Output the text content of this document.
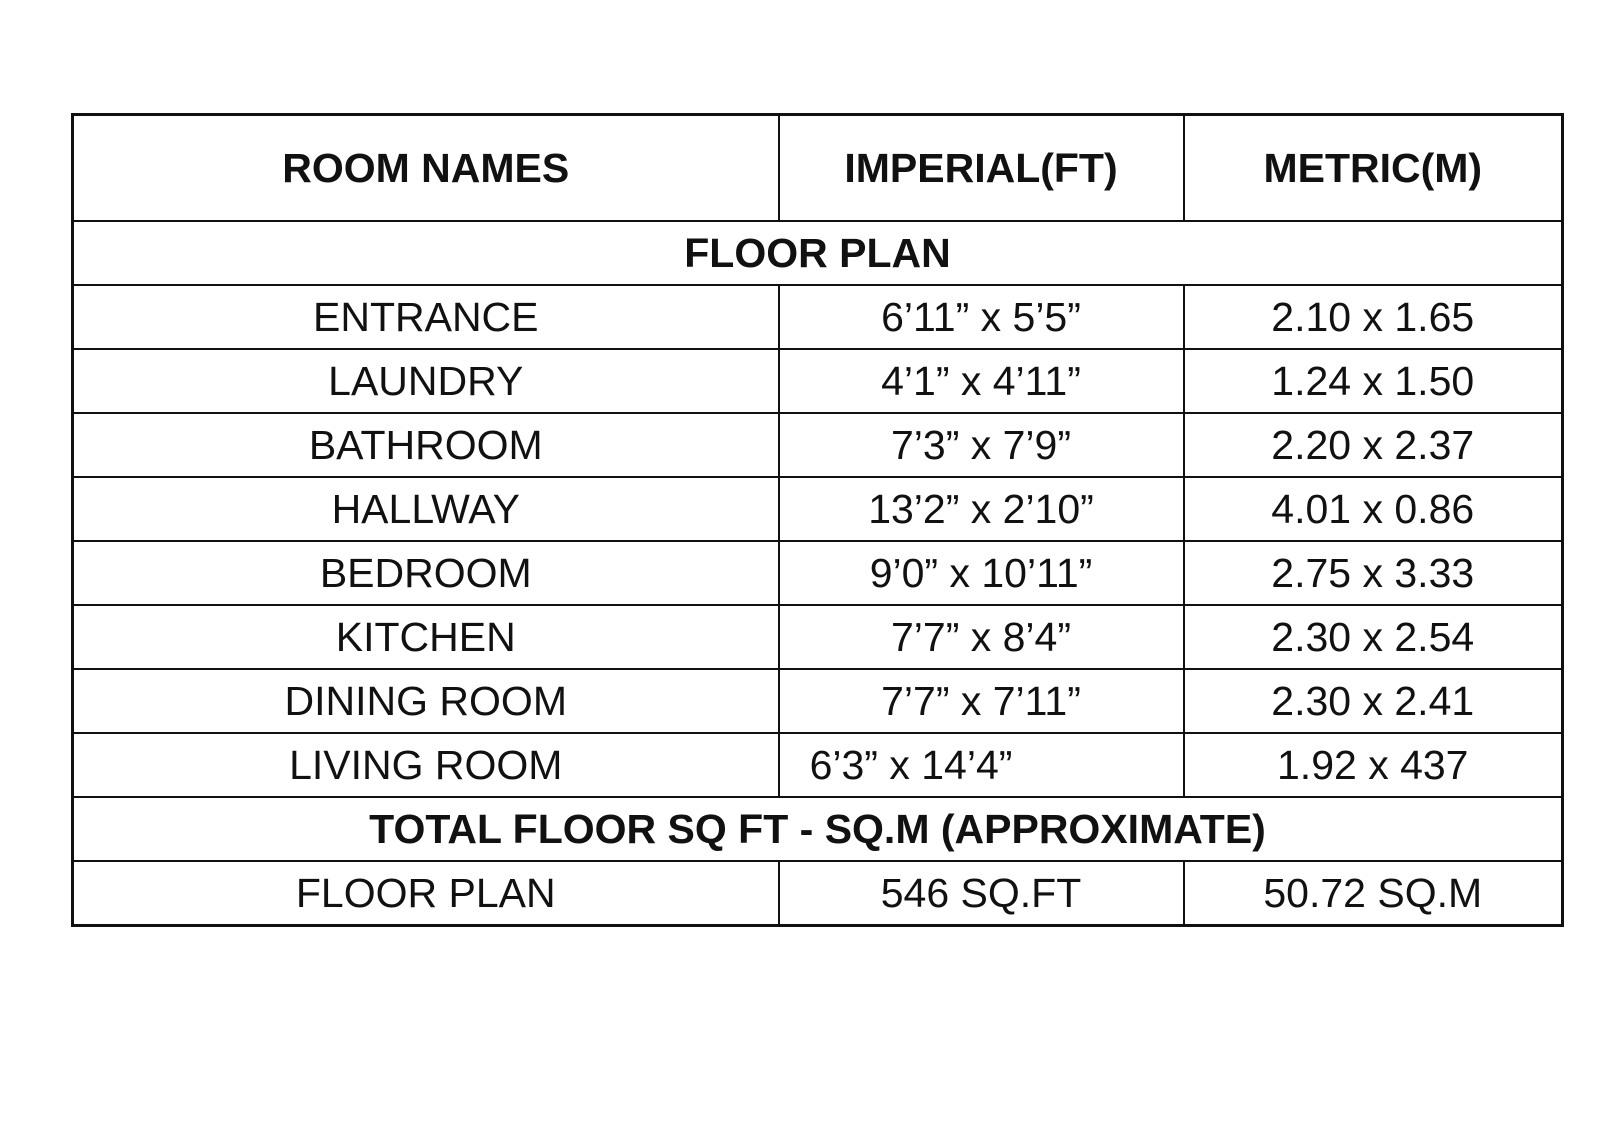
ROOM NAMES	IMPERIAL(FT)	METRIC(M)
FLOOR PLAN		
ENTRANCE	6’11” x 5’5”	2.10 x 1.65
LAUNDRY	4’1” x 4’11”	1.24 x 1.50
BATHROOM	7’3” x 7’9”	2.20 x 2.37
HALLWAY	13’2” x 2’10”	4.01 x 0.86
BEDROOM	9’0” x 10’11”	2.75 x 3.33
KITCHEN	7’7” x 8’4”	2.30 x 2.54
DINING ROOM	7’7” x 7’11”	2.30 x 2.41
LIVING ROOM	6’3” x 14’4”	1.92 x 437
TOTAL FLOOR SQ FT - SQ.M (APPROXIMATE)		
FLOOR PLAN	546 SQ.FT	50.72 SQ.M
